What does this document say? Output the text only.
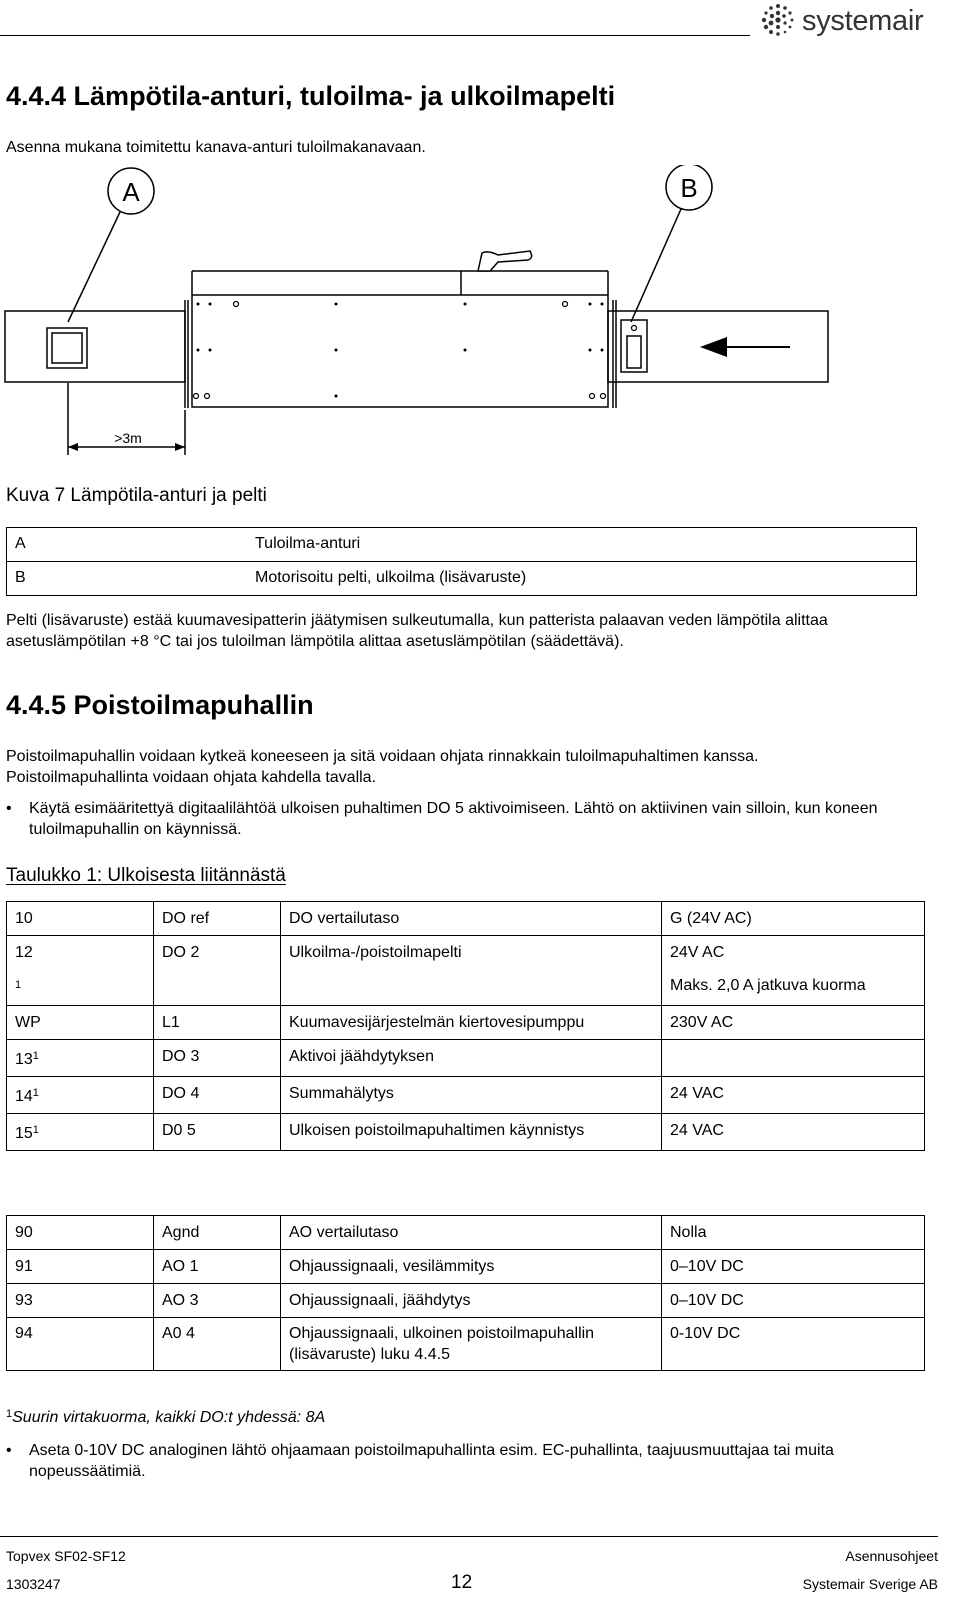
systemair
4.4.4 Lämpötila-anturi, tuloilma- ja ulkoilmapelti

Asenna mukana toimitettu kanava-anturi tuloilmakanavaan.

A	B
>3m
Kuva 7 Lämpötila-anturi ja pelti
A	Tuloilma-anturi
B	Motorisoitu pelti, ulkoilma (lisävaruste)

Pelti (lisävaruste) estää kuumavesipatterin jäätymisen sulkeutumalla, kun patterista palaavan veden lämpötila alittaa asetuslämpötilan +8 °C tai jos tuloilman lämpötila alittaa asetuslämpötilan (säädettävä).

4.4.5 Poistoilmapuhallin

Poistoilmapuhallin voidaan kytkeä koneeseen ja sitä voidaan ohjata rinnakkain tuloilmapuhaltimen kanssa.

Poistoilmapuhallinta voidaan ohjata kahdella tavalla.

• Käytä esimääritettyä digitaalilähtöä ulkoisen puhaltimen DO 5 aktivoimiseen. Lähtö on aktiivinen vain silloin, kun koneen tuloilmapuhallin on käynnissä.
Taulukko 1: Ulkoisesta liitännästä
10	DO ref	DO vertailutaso	G (24V AC)
12	DO 2	Ulkoilma-/poistoilmapelti	24V AC
$^1$			Maks. 2,0 A jatkuva kuorma
WP	L1	Kuumavesijärjestelmän kiertovesipumppu	230V AC
$13^1$	DO 3	Aktivoi jäähdytyksen	
$14^1$	DO 4	Summahälytys	24 VAC
$15^1$	D0 5	Ulkoisen poistoilmapuhaltimen käynnistys	24 VAC
90	Agnd	AO vertailutaso	Nolla
91	AO 1	Ohjaussignaali, vesilämmitys	0–10V DC
93	AO 3	Ohjaussignaali, jäähdytys	0–10V DC
94	A0 4	Ohjaussignaali, ulkoinen poistoilmapuhallin (lisävaruste) luku 4.4.5	0-10V DC
$^1$Suurin virtakuorma, kaikki DO:t yhdessä: 8A
• Aseta 0-10V DC analoginen lähtö ohjaamaan poistoilmapuhallinta esim. EC-puhallinta, taajuusmuuttajaa tai muita nopeussäätimiä.
Topvex SF02-SF12	Asennusohjeet
1303247	12	Systemair Sverige AB
